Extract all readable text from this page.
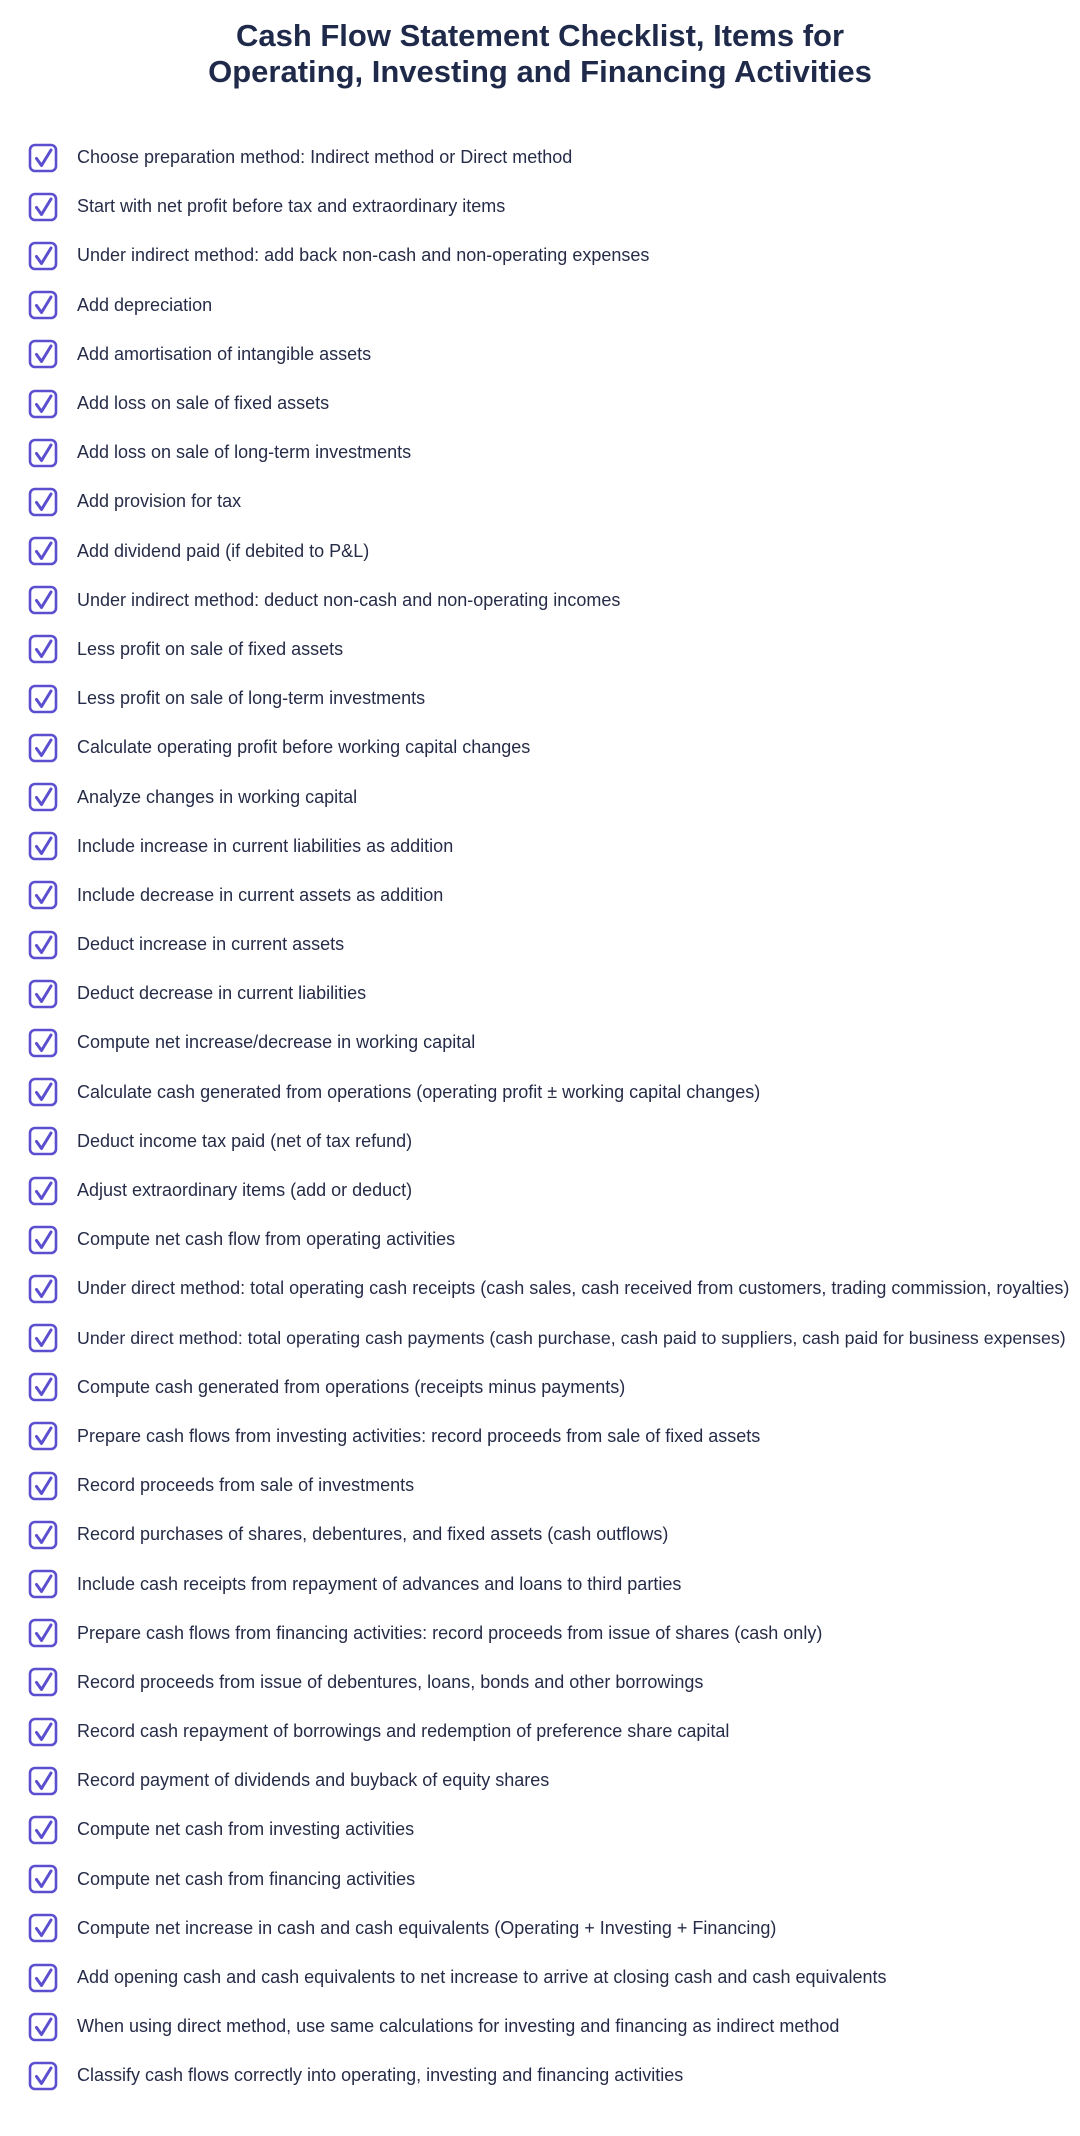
Cash Flow Statement Checklist, Items for
Operating, Investing and Financing Activities
Choose preparation method: Indirect method or Direct method
Start with net profit before tax and extraordinary items
Under indirect method: add back non-cash and non-operating expenses
Add depreciation
Add amortisation of intangible assets
Add loss on sale of fixed assets
Add loss on sale of long-term investments
Add provision for tax
Add dividend paid (if debited to P&L)
Under indirect method: deduct non-cash and non-operating incomes
Less profit on sale of fixed assets
Less profit on sale of long-term investments
Calculate operating profit before working capital changes
Analyze changes in working capital
Include increase in current liabilities as addition
Include decrease in current assets as addition
Deduct increase in current assets
Deduct decrease in current liabilities
Compute net increase/decrease in working capital
Calculate cash generated from operations (operating profit ± working capital changes)
Deduct income tax paid (net of tax refund)
Adjust extraordinary items (add or deduct)
Compute net cash flow from operating activities
Under direct method: total operating cash receipts (cash sales, cash received from customers, trading commission, royalties)
Under direct method: total operating cash payments (cash purchase, cash paid to suppliers, cash paid for business expenses)
Compute cash generated from operations (receipts minus payments)
Prepare cash flows from investing activities: record proceeds from sale of fixed assets
Record proceeds from sale of investments
Record purchases of shares, debentures, and fixed assets (cash outflows)
Include cash receipts from repayment of advances and loans to third parties
Prepare cash flows from financing activities: record proceeds from issue of shares (cash only)
Record proceeds from issue of debentures, loans, bonds and other borrowings
Record cash repayment of borrowings and redemption of preference share capital
Record payment of dividends and buyback of equity shares
Compute net cash from investing activities
Compute net cash from financing activities
Compute net increase in cash and cash equivalents (Operating + Investing + Financing)
Add opening cash and cash equivalents to net increase to arrive at closing cash and cash equivalents
When using direct method, use same calculations for investing and financing as indirect method
Classify cash flows correctly into operating, investing and financing activities
